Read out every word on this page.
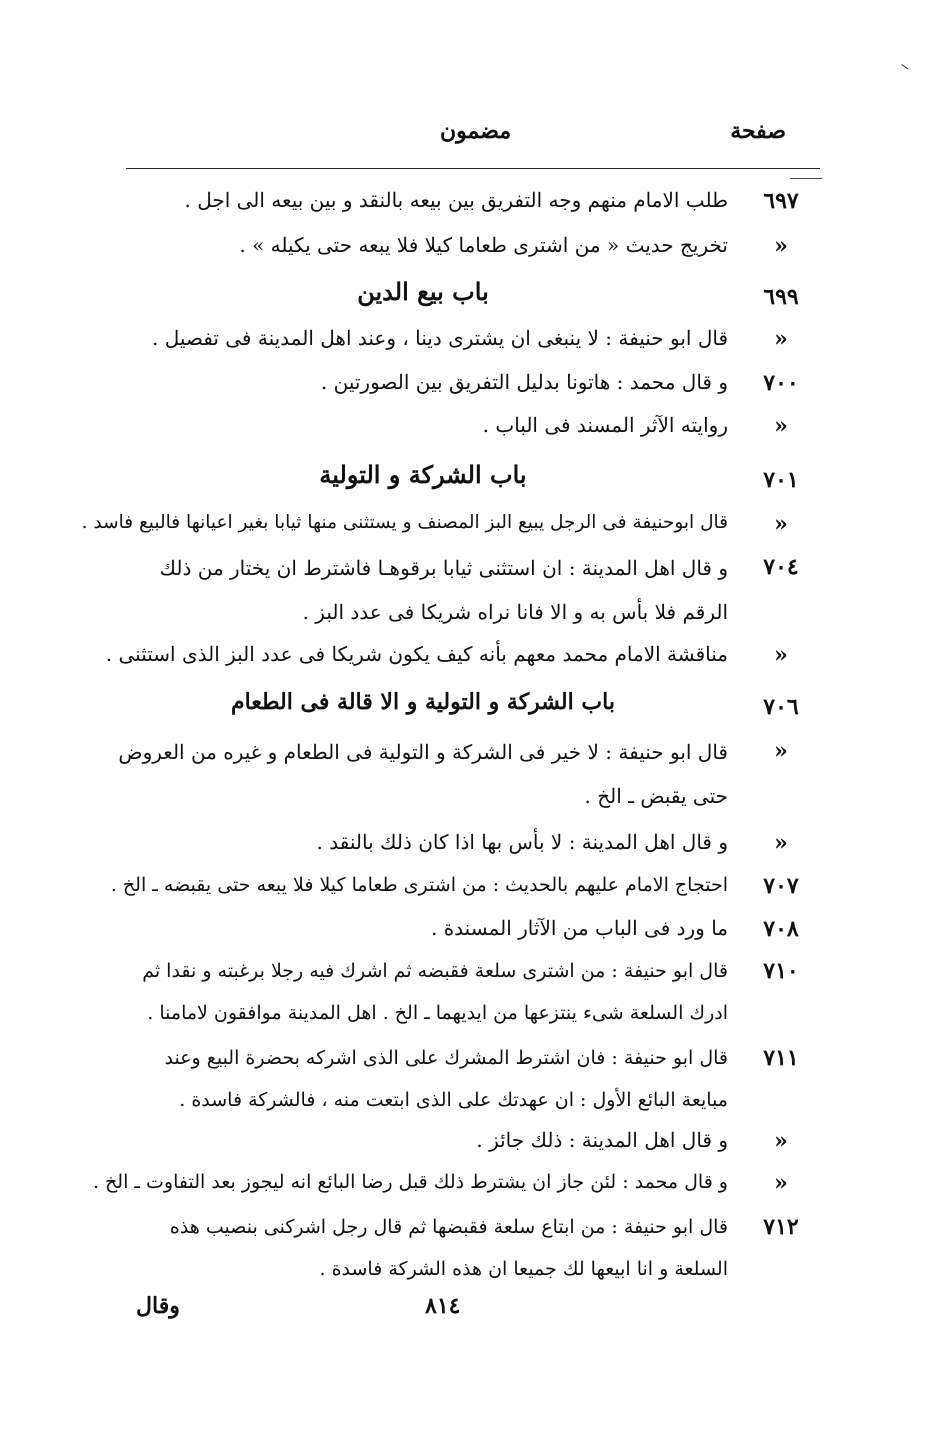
صفحة
مضمون
٦٩٧
طلب الامام منهم وجه التفريق بين بيعه بالنقد و بين بيعه الى اجل .
«
تخريج حديث « من اشترى طعاما كيلا فلا يبعه حتى يكيله » .
٦٩٩
باب بيع الدين
«
قال ابو حنيفة : لا ينبغى ان يشترى دينا ، وعند اهل المدينة فى تفصيل .
٧٠٠
و قال محمد : هاتونا بدليل التفريق بين الصورتين .
«
روايته الآثر المسند فى الباب .
٧٠١
باب الشركة و التولية
«
قال ابوحنيفة فى الرجل يبيع البز المصنف و يستثنى منها ثيابا بغير اعيانها فالبيع فاسد .
٧٠٤
و قال اهل المدينة : ان استثنى ثيابا برقوهـا فاشترط ان يختار من ذلك الرقم فلا بأس به و الا فانا نراه شريكا فى عدد البز .
«
مناقشة الامام محمد معهم بأنه كيف يكون شريكا فى عدد البز الذى استثنى .
٧٠٦
باب الشركة و التولية و الا قالة فى الطعام
«
قال ابو حنيفة : لا خير فى الشركة و التولية فى الطعام و غيره من العروض حتى يقبض ـ الخ .
«
و قال اهل المدينة : لا بأس بها اذا كان ذلك بالنقد .
٧٠٧
احتجاج الامام عليهم بالحديث : من اشترى طعاما كيلا فلا يبعه حتى يقبضه ـ الخ .
٧٠٨
ما ورد فى الباب من الآثار المسندة .
٧١٠
قال ابو حنيفة : من اشترى سلعة فقبضه ثم اشرك فيه رجلا برغبته و نقدا ثم ادرك السلعة شىء ينتزعها من ايديهما ـ الخ . اهل المدينة موافقون لامامنا .
٧١١
قال ابو حنيفة : فان اشترط المشرك على الذى اشركه بحضرة البيع وعند مبايعة البائع الأول : ان عهدتك على الذى ابتعت منه ، فالشركة فاسدة .
«
و قال اهل المدينة : ذلك جائز .
«
و قال محمد : لئن جاز ان يشترط ذلك قبل رضا البائع انه ليجوز بعد التفاوت ـ الخ .
٧١٢
قال ابو حنيفة : من ابتاع سلعة فقبضها ثم قال رجل اشركنى بنصيب هذه السلعة و انا ابيعها لك جميعا ان هذه الشركة فاسدة .
٨١٤
وقال
